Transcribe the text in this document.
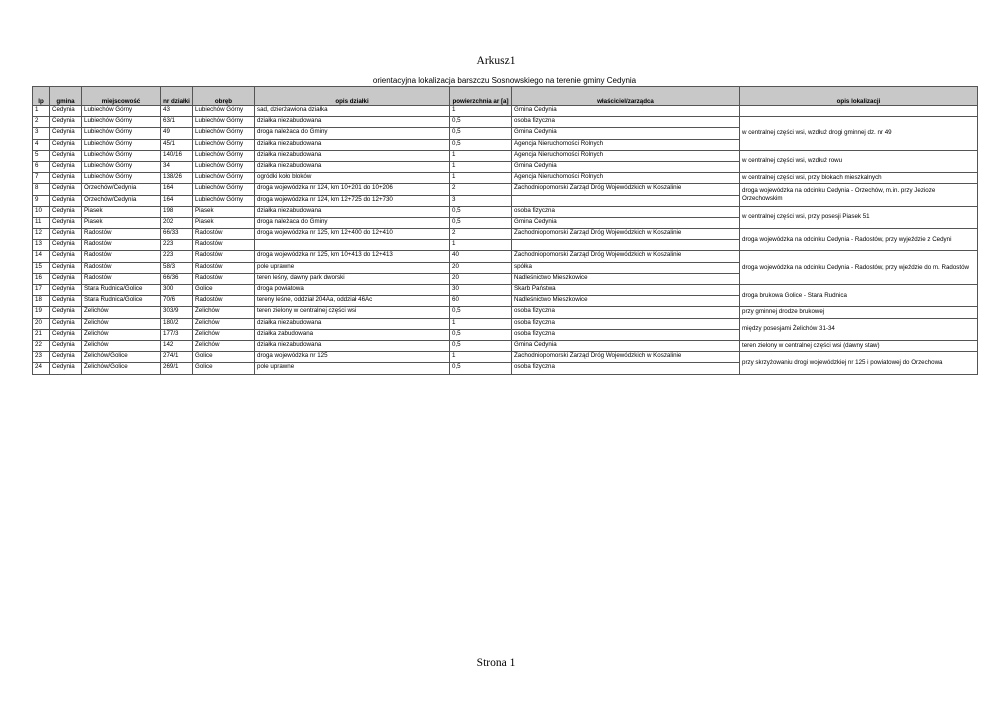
Arkusz1
orientacyjna lokalizacja barszczu Sosnowskiego na terenie gminy Cedynia
lp	gmina	miejscowość	nr działki	obręb	opis działki	powierzchnia ar [a]	właściciel/zarządca	opis lokalizacji
1	Cedynia	Lubiechów Górny	43	Lubiechów Górny	sad, dzierżawiona działka	1	Gmina Cedynia	
2	Cedynia	Lubiechów Górny	63/1	Lubiechów Górny	działka niezabudowana	0,5	osoba fizyczna	w centralnej części wsi, wzdłuż drogi gminnej dz. nr 49
3	Cedynia	Lubiechów Górny	49	Lubiechów Górny	droga należaca do Gminy	0,5	Gmina Cedynia	
4	Cedynia	Lubiechów Górny	45/1	Lubiechów Górny	działka niezabudowana	0,5	Agencja Nieruchomości Rolnych	
5	Cedynia	Lubiechów Górny	140/16	Lubiechów Górny	działka niezabudowana	1	Agencja Nieruchomości Rolnych	w centralnej części wsi, wzdłuż rowu
6	Cedynia	Lubiechów Górny	34	Lubiechów Górny	działka niezabudowana	1	Gmina Cedynia	
7	Cedynia	Lubiechów Górny	138/26	Lubiechów Górny	ogródki koło bloków	1	Agencja Nieruchomości Rolnych	w centralnej części wsi, przy blokach mieszkalnych
8	Cedynia	Orzechów/Cedynia	164	Lubiechów Górny	droga wojewódzka nr 124, km 10+201 do 10+206	2	Zachodniopomorski Zarząd Dróg Wojewódzkich w Koszalinie	droga wojewódzka na odcinku Cedynia - Orzechów, m.in. przy Jezioze Orzechowskim
9	Cedynia	Orzechów/Cedynia	164	Lubiechów Górny	droga wojewódzka nr 124, km 12+725 do 12+730	3		
10	Cedynia	Piasek	198	Piasek	działka niezabudowana	0,5	osoba fizyczna	w centralnej części wsi, przy posesji Piasek 51
11	Cedynia	Piasek	202	Piasek	droga należaca do Gminy	0,5	Gmina Cedynia	
12	Cedynia	Radostów	66/33	Radostów	droga wojewódzka nr 125, km 12+400 do 12+410	2	Zachodniopomorski Zarząd Dróg Wojewódzkich w Koszalinie	droga wojewódzka na odcinku Cedynia - Radostów, przy wyjeździe z Cedyni
13	Cedynia	Radostów	223	Radostów		1		
14	Cedynia	Radostów	223	Radostów	droga wojewódzka nr 125, km 10+413 do 12+413	40	Zachodniopomorski Zarząd Dróg Wojewódzkich w Koszalinie	droga wojewódzka na odcinku Cedynia - Radostów, przy wjeździe do m. Radostów
15	Cedynia	Radostów	58/3	Radostów	pole uprawne	20	spółka	
16	Cedynia	Radostów	66/36	Radostów	teren leśny, dawny park dworski	20	Nadleśnictwo Mieszkowice	
17	Cedynia	Stara Rudnica/Golice	300	Golice	droga powiatowa	30	Skarb Państwa	droga brukowa Golice - Stara Rudnica
18	Cedynia	Stara Rudnica/Golice	70/6	Radostów	tereny leśne, oddział 204Aa, oddział 46Ac	60	Nadleśnictwo Mieszkowice	
19	Cedynia	Żelichów	303/9	Żelichów	teren zielony w centralnej części wsi	0,5	osoba fizyczna	przy gminnej drodze brukowej
20	Cedynia	Żelichów	180/2	Żelichów	działka niezabudowana	1	osoba fizyczna	między posesjami Żelichów 31-34
21	Cedynia	Żelichów	177/3	Żelichów	działka zabudowana	0,5	osoba fizyczna	
22	Cedynia	Żelichów	142	Żelichów	działka niezabudowana	0,5	Gmina Cedynia	teren zielony w centralnej części wsi (dawny staw)
23	Cedynia	Żelichów/Golice	274/1	Golice	droga wojewódzka nr 125	1	Zachodniopomorski Zarząd Dróg Wojewódzkich w Koszalinie	przy skrzyżowaniu drogi wojewódzkiej nr 125 i powiatowej do Orzechowa
24	Cedynia	Żelichów/Golice	269/1	Golice	pole uprawne	0,5	osoba fizyczna	
Strona 1
